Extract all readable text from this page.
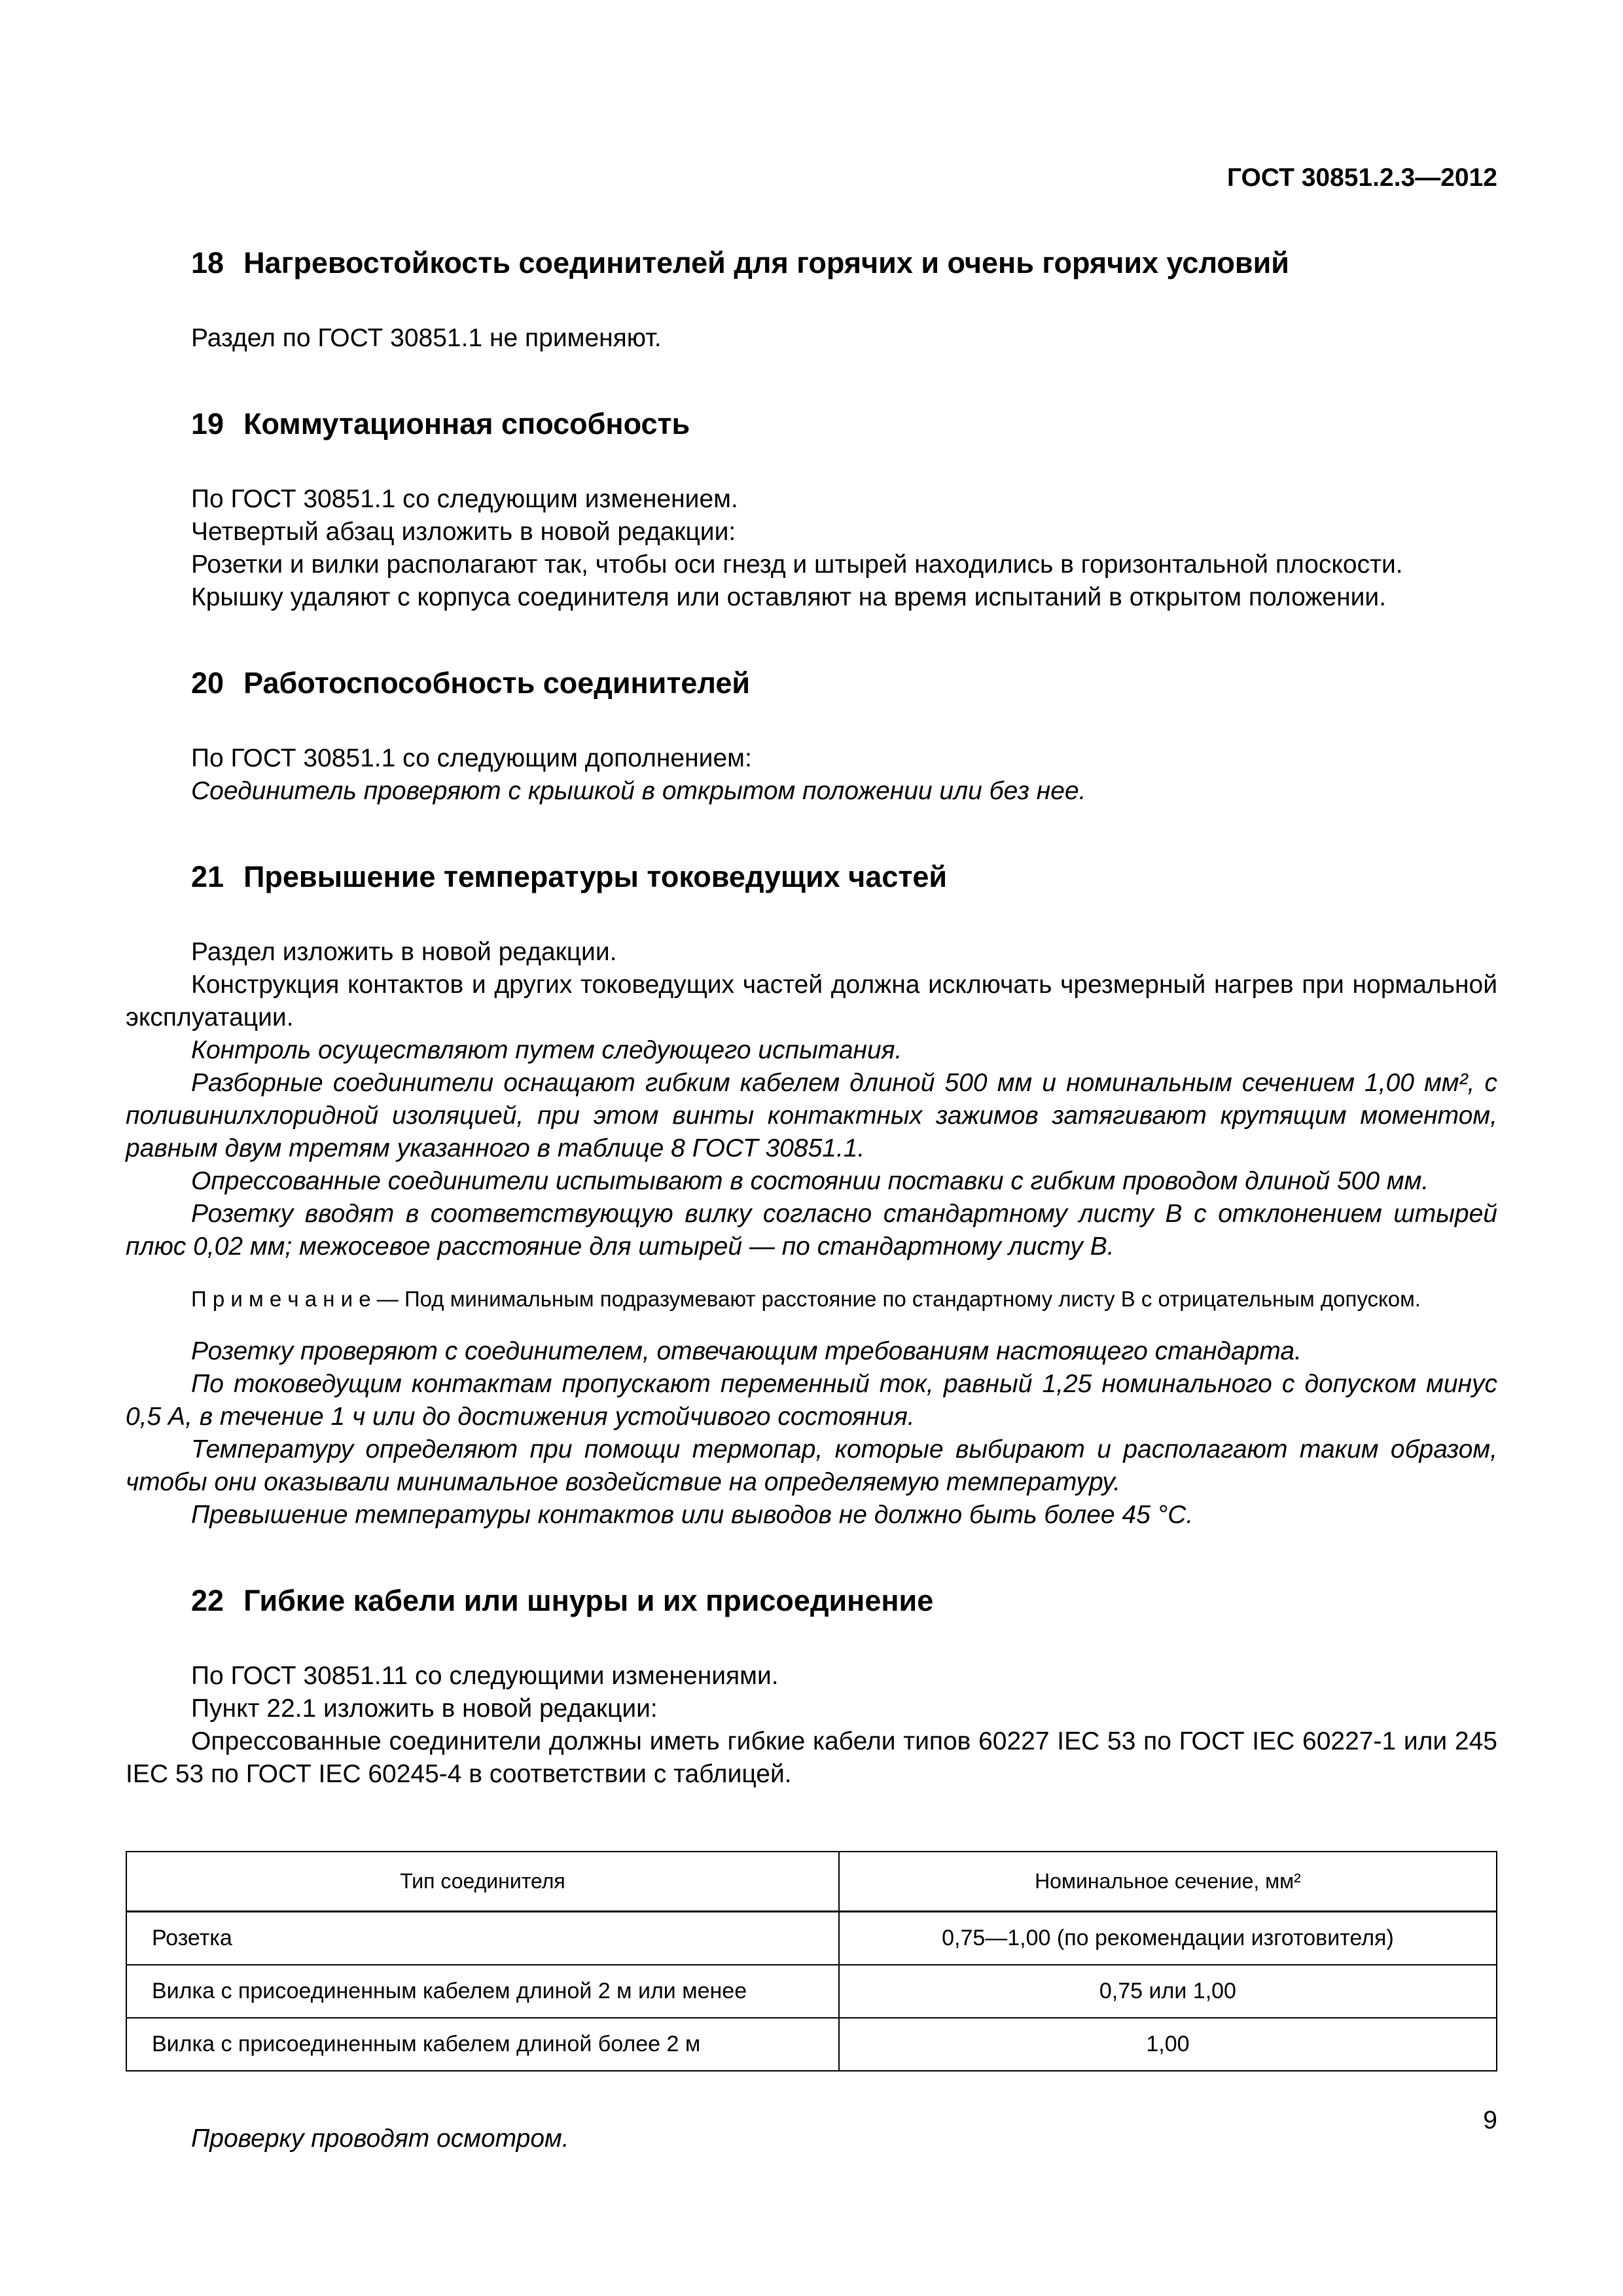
ГОСТ 30851.2.3—2012
18 Нагревостойкость соединителей для горячих и очень горячих условий

Раздел по ГОСТ 30851.1 не применяют.

19 Коммутационная способность

По ГОСТ 30851.1 со следующим изменением.

Четвертый абзац изложить в новой редакции:

Розетки и вилки располагают так, чтобы оси гнезд и штырей находились в горизонтальной плоскости.

Крышку удаляют с корпуса соединителя или оставляют на время испытаний в открытом положении.

20 Работоспособность соединителей

По ГОСТ 30851.1 со следующим дополнением:

Соединитель проверяют с крышкой в открытом положении или без нее.

21 Превышение температуры токоведущих частей

Раздел изложить в новой редакции.

Конструкция контактов и других токоведущих частей должна исключать чрезмерный нагрев при нормальной эксплуатации.

Контроль осуществляют путем следующего испытания.

Разборные соединители оснащают гибким кабелем длиной 500 мм и номинальным сечением 1,00 мм², с поливинилхлоридной изоляцией, при этом винты контактных зажимов затягивают крутящим моментом, равным двум третям указанного в таблице 8 ГОСТ 30851.1.

Опрессованные соединители испытывают в состоянии поставки с гибким проводом длиной 500 мм.

Розетку вводят в соответствующую вилку согласно стандартному листу B с отклонением штырей плюс 0,02 мм; межосевое расстояние для штырей — по стандартному листу B.

П р и м е ч а н и е — Под минимальным подразумевают расстояние по стандартному листу B с отрицательным допуском.

Розетку проверяют с соединителем, отвечающим требованиям настоящего стандарта.

По токоведущим контактам пропускают переменный ток, равный 1,25 номинального с допуском минус 0,5 А, в течение 1 ч или до достижения устойчивого состояния.

Температуру определяют при помощи термопар, которые выбирают и располагают таким образом, чтобы они оказывали минимальное воздействие на определяемую температуру.

Превышение температуры контактов или выводов не должно быть более 45 °С.

22 Гибкие кабели или шнуры и их присоединение

По ГОСТ 30851.11 со следующими изменениями.

Пункт 22.1 изложить в новой редакции:

Опрессованные соединители должны иметь гибкие кабели типов 60227 IEC 53 по ГОСТ IEC 60227-1 или 245 IEC 53 по ГОСТ IEC 60245-4 в соответствии с таблицей.

Тип соединителя	Номинальное сечение, мм²
Розетка	0,75—1,00 (по рекомендации изготовителя)
Вилка с присоединенным кабелем длиной 2 м или менее	0,75 или 1,00
Вилка с присоединенным кабелем длиной более 2 м	1,00

Проверку проводят осмотром.

9
